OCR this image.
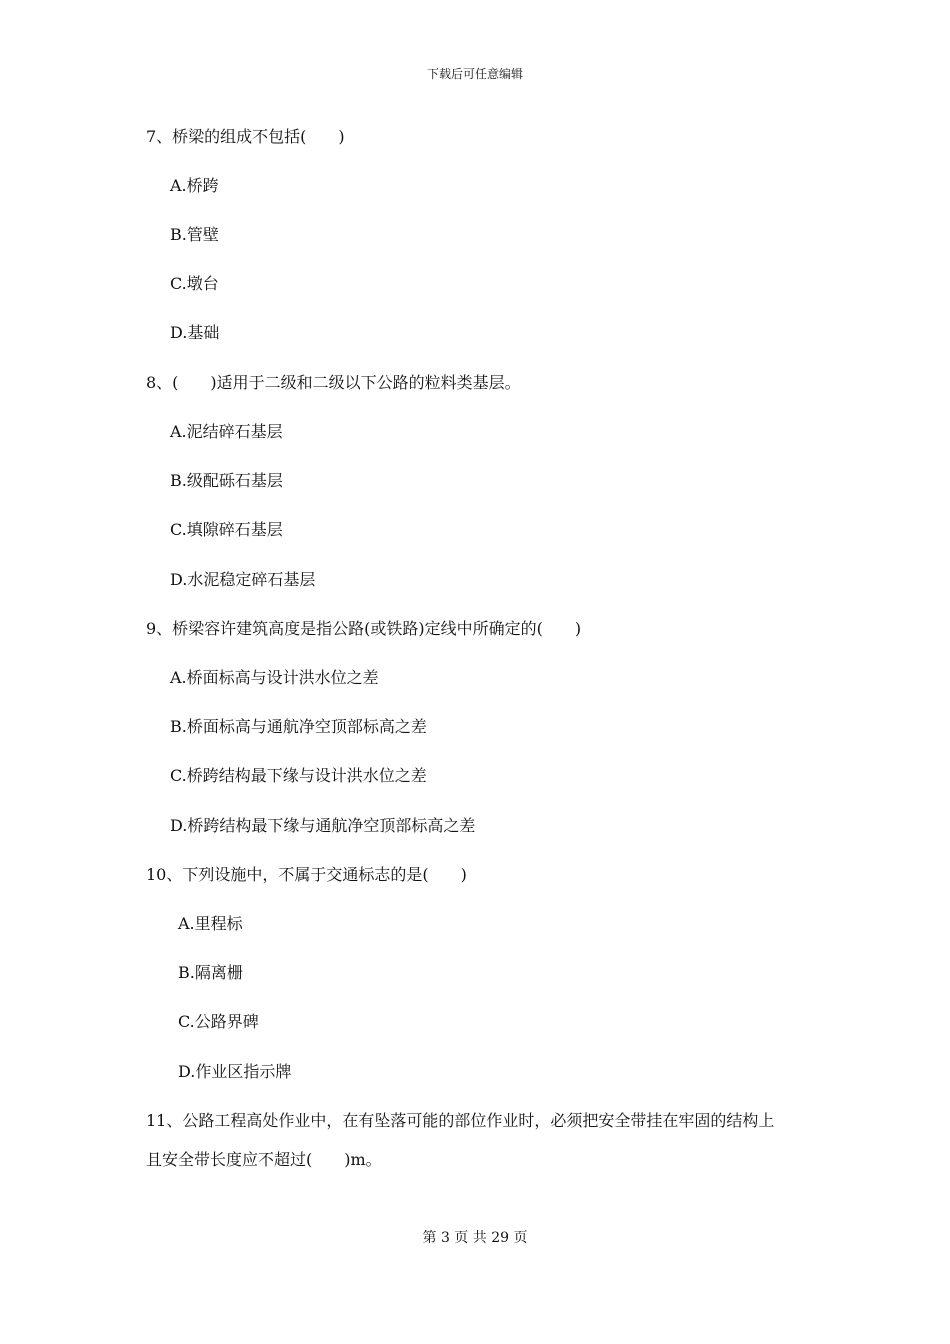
下载后可任意编辑
7、桥梁的组成不包括(　　)
A.桥跨
B.管壁
C.墩台
D.基础
8、(　　)适用于二级和二级以下公路的粒料类基层。
A.泥结碎石基层
B.级配砾石基层
C.填隙碎石基层
D.水泥稳定碎石基层
9、桥梁容许建筑高度是指公路(或铁路)定线中所确定的(　　)
A.桥面标高与设计洪水位之差
B.桥面标高与通航净空顶部标高之差
C.桥跨结构最下缘与设计洪水位之差
D.桥跨结构最下缘与通航净空顶部标高之差
10、下列设施中，不属于交通标志的是(　　)
A.里程标
B.隔离栅
C.公路界碑
D.作业区指示牌
11、公路工程高处作业中，在有坠落可能的部位作业时，必须把安全带挂在牢固的结构上
且安全带长度应不超过(　　)m。
第 3 页 共 29 页
